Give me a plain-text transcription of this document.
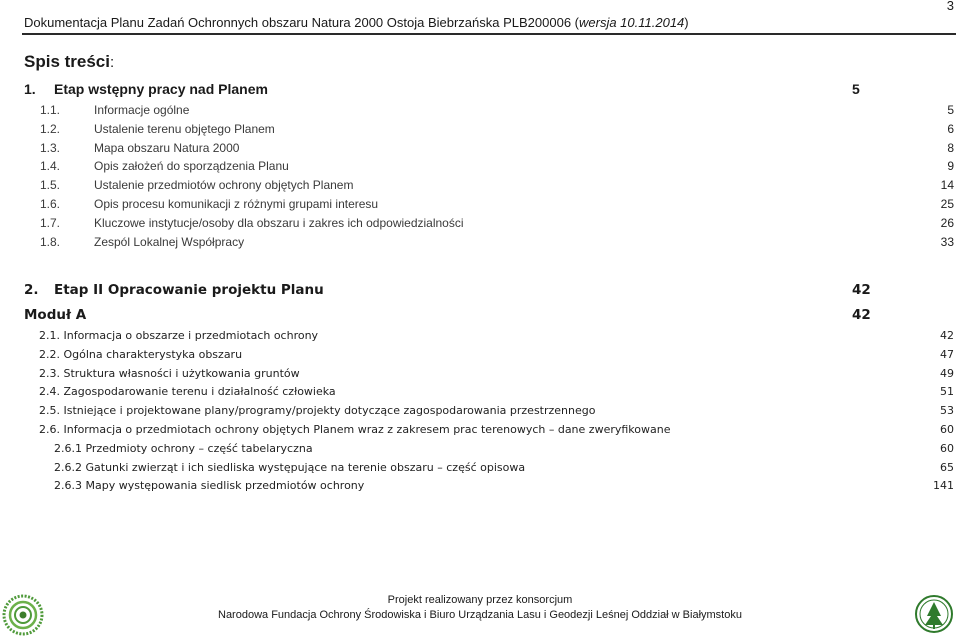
Dokumentacja Planu Zadań Ochronnych obszaru Natura 2000 Ostoja Biebrzańska PLB200006 (wersja 10.11.2014)
3
Spis treści:
1. Etap wstępny pracy nad Planem	5
1.1.	Informacje ogólne	5
1.2.	Ustalenie terenu objętego Planem	6
1.3.	Mapa obszaru Natura 2000	8
1.4.	Opis założeń do sporządzenia Planu	9
1.5.	Ustalenie przedmiotów ochrony objętych Planem	14
1.6.	Opis procesu komunikacji z różnymi grupami interesu	25
1.7.	Kluczowe instytucje/osoby dla obszaru i zakres ich odpowiedzialności	26
1.8.	Zespól Lokalnej Współpracy	33
2. Etap II Opracowanie projektu Planu	42
Moduł A	42
2.1. Informacja o obszarze i przedmiotach ochrony	42
2.2. Ogólna charakterystyka obszaru	47
2.3. Struktura własności i użytkowania gruntów	49
2.4. Zagospodarowanie terenu i działalność człowieka	51
2.5. Istniejące i projektowane plany/programy/projekty dotyczące zagospodarowania przestrzennego	53
2.6. Informacja o przedmiotach ochrony objętych Planem wraz z zakresem prac terenowych – dane zweryfikowane	60
2.6.1 Przedmioty ochrony – część tabelaryczna	60
2.6.2 Gatunki zwierząt i ich siedliska występujące na terenie obszaru – część opisowa	65
2.6.3 Mapy występowania siedlisk przedmiotów ochrony	141
Projekt realizowany przez konsorcjum
Narodowa Fundacja Ochrony Środowiska i Biuro Urządzania Lasu i Geodezji Leśnej Oddział w Białymstoku
